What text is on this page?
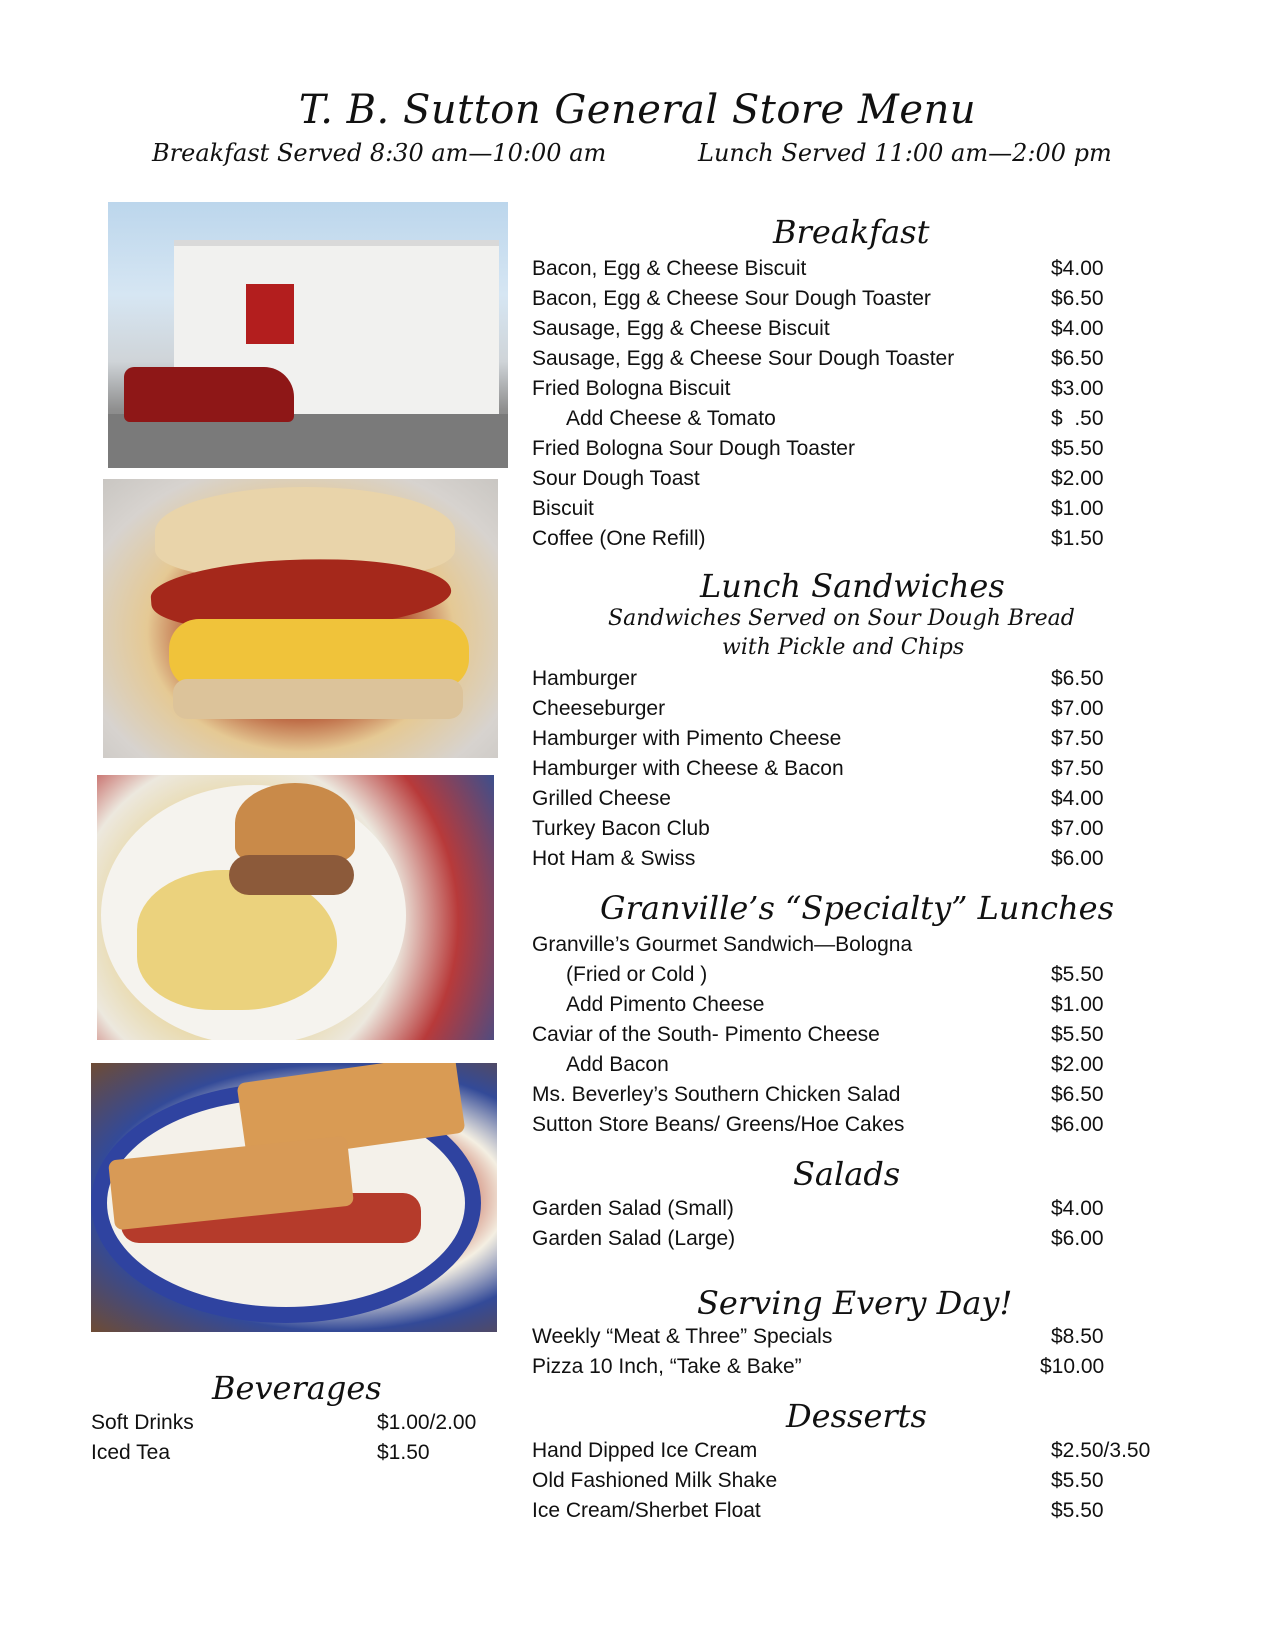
T. B. Sutton General Store Menu
Breakfast Served 8:30 am—10:00 am	Lunch Served 11:00 am—2:00 pm
Beverages
Soft Drinks	$1.00/2.00
Iced Tea	$1.50
Breakfast
Bacon, Egg & Cheese Biscuit	$4.00
Bacon, Egg & Cheese Sour Dough Toaster	$6.50
Sausage, Egg & Cheese Biscuit	$4.00
Sausage, Egg & Cheese Sour Dough Toaster	$6.50
Fried Bologna Biscuit	$3.00
Add Cheese & Tomato	$  .50
Fried Bologna Sour Dough Toaster	$5.50
Sour Dough Toast	$2.00
Biscuit	$1.00
Coffee (One Refill)	$1.50
Lunch Sandwiches
Sandwiches Served on Sour Dough Bread
with Pickle and Chips
Hamburger	$6.50
Cheeseburger	$7.00
Hamburger with Pimento Cheese	$7.50
Hamburger with Cheese & Bacon	$7.50
Grilled Cheese	$4.00
Turkey Bacon Club	$7.00
Hot Ham & Swiss	$6.00
Granville’s “Specialty” Lunches
Granville’s Gourmet Sandwich—Bologna
(Fried or Cold )	$5.50
Add Pimento Cheese	$1.00
Caviar of the South- Pimento Cheese	$5.50
Add Bacon	$2.00
Ms. Beverley’s Southern Chicken Salad	$6.50
Sutton Store Beans/ Greens/Hoe Cakes	$6.00
Salads
Garden Salad (Small)	$4.00
Garden Salad (Large)	$6.00
Serving Every Day!
Weekly “Meat & Three” Specials	$8.50
Pizza 10 Inch, “Take & Bake”	$10.00
Desserts
Hand Dipped Ice Cream	$2.50/3.50
Old Fashioned Milk Shake	$5.50
Ice Cream/Sherbet Float	$5.50
